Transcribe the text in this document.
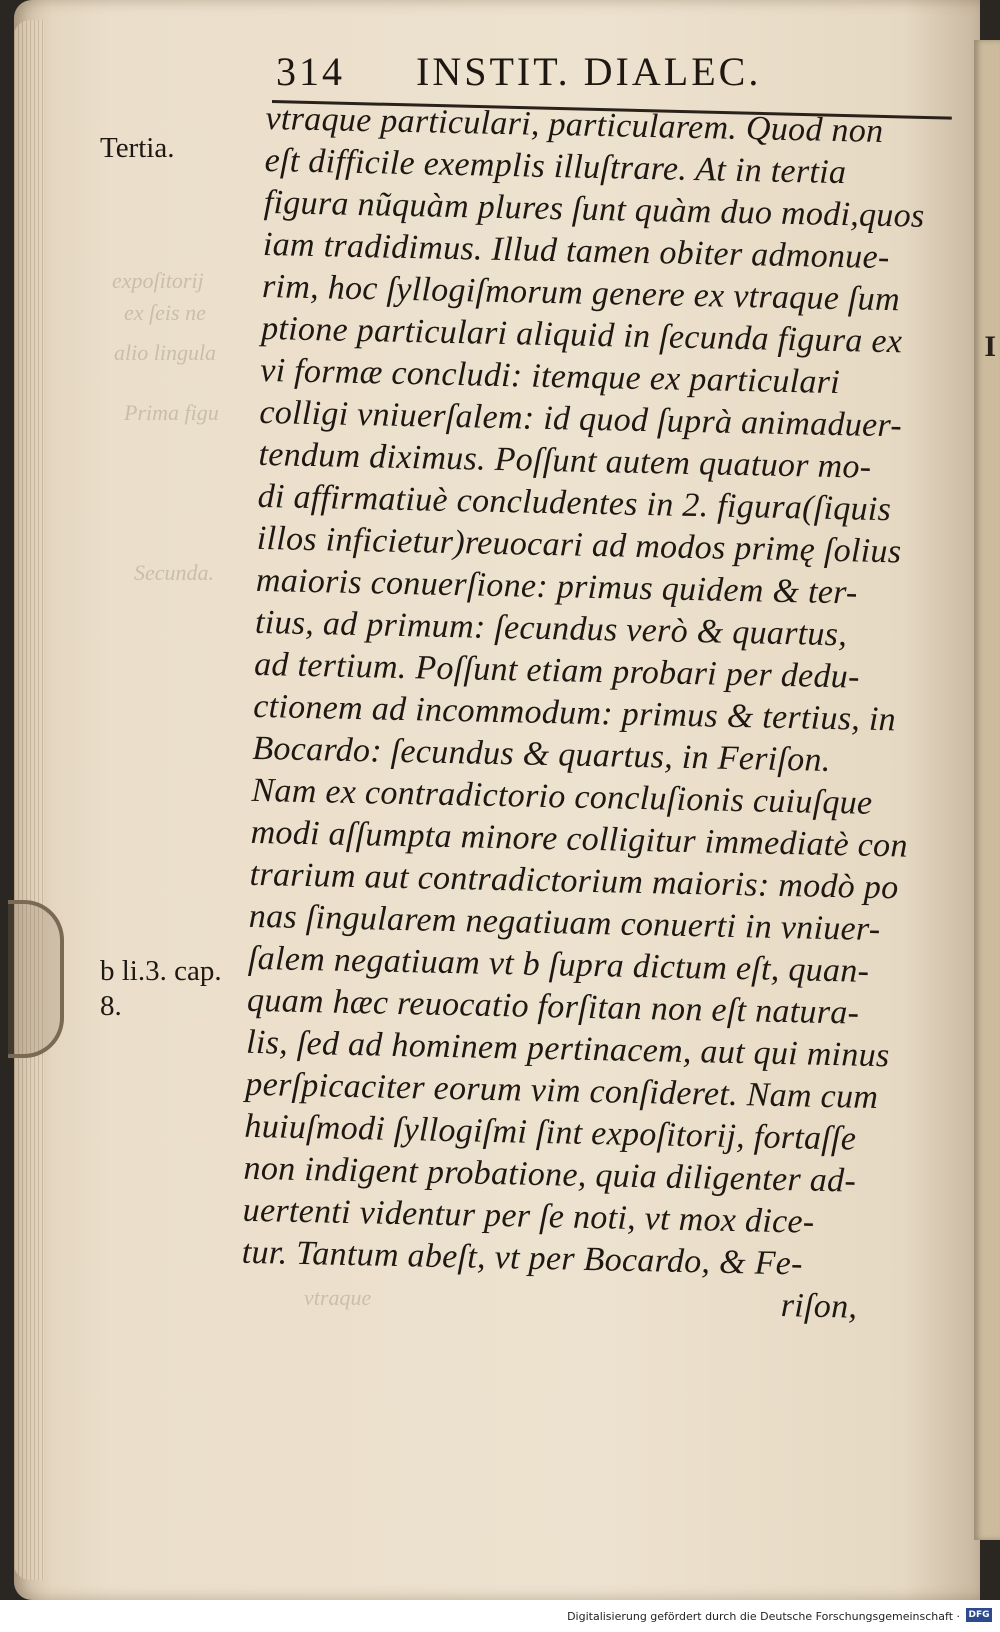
expoſitorij
ex ſeis ne
alio lingula
Prima figu
Secunda.
vtraque
314 INSTIT. DIALEC.
Tertia.
b li.3. cap.
8.
vtraque particulari, particularem. Quod non
eſt difficile exemplis illuſtrare. At in tertia
figura nũquàm plures ſunt quàm duo modi,quos
iam tradidimus. Illud tamen obiter admonue-
rim, hoc ſyllogiſmorum genere ex vtraque ſum
ptione particulari aliquid in ſecunda figura ex
vi formæ concludi: itemque ex particulari
colligi vniuerſalem: id quod ſuprà animaduer-
tendum diximus. Poſſunt autem quatuor mo-
di affirmatiuè concludentes in 2. figura(ſiquis
illos inficietur)reuocari ad modos primę ſolius
maioris conuerſione: primus quidem & ter-
tius, ad primum: ſecundus verò & quartus,
ad tertium. Poſſunt etiam probari per dedu-
ctionem ad incommodum: primus & tertius, in
Bocardo: ſecundus & quartus, in Feriſon.
Nam ex contradictorio concluſionis cuiuſque
modi aſſumpta minore colligitur immediatè con
trarium aut contradictorium maioris: modò po
nas ſingularem negatiuam conuerti in vniuer-
ſalem negatiuam vt b ſupra dictum eſt, quan-
quam hæc reuocatio forſitan non eſt natura-
lis, ſed ad hominem pertinacem, aut qui minus
perſpicaciter eorum vim conſideret. Nam cum
huiuſmodi ſyllogiſmi ſint expoſitorij, fortaſſe
non indigent probatione, quia diligenter ad-
uertenti videntur per ſe noti, vt mox dice-
tur. Tantum abeſt, vt per Bocardo, & Fe-
riſon,
I
Digitalisierung gefördert durch die Deutsche Forschungsgemeinschaft · DFG
